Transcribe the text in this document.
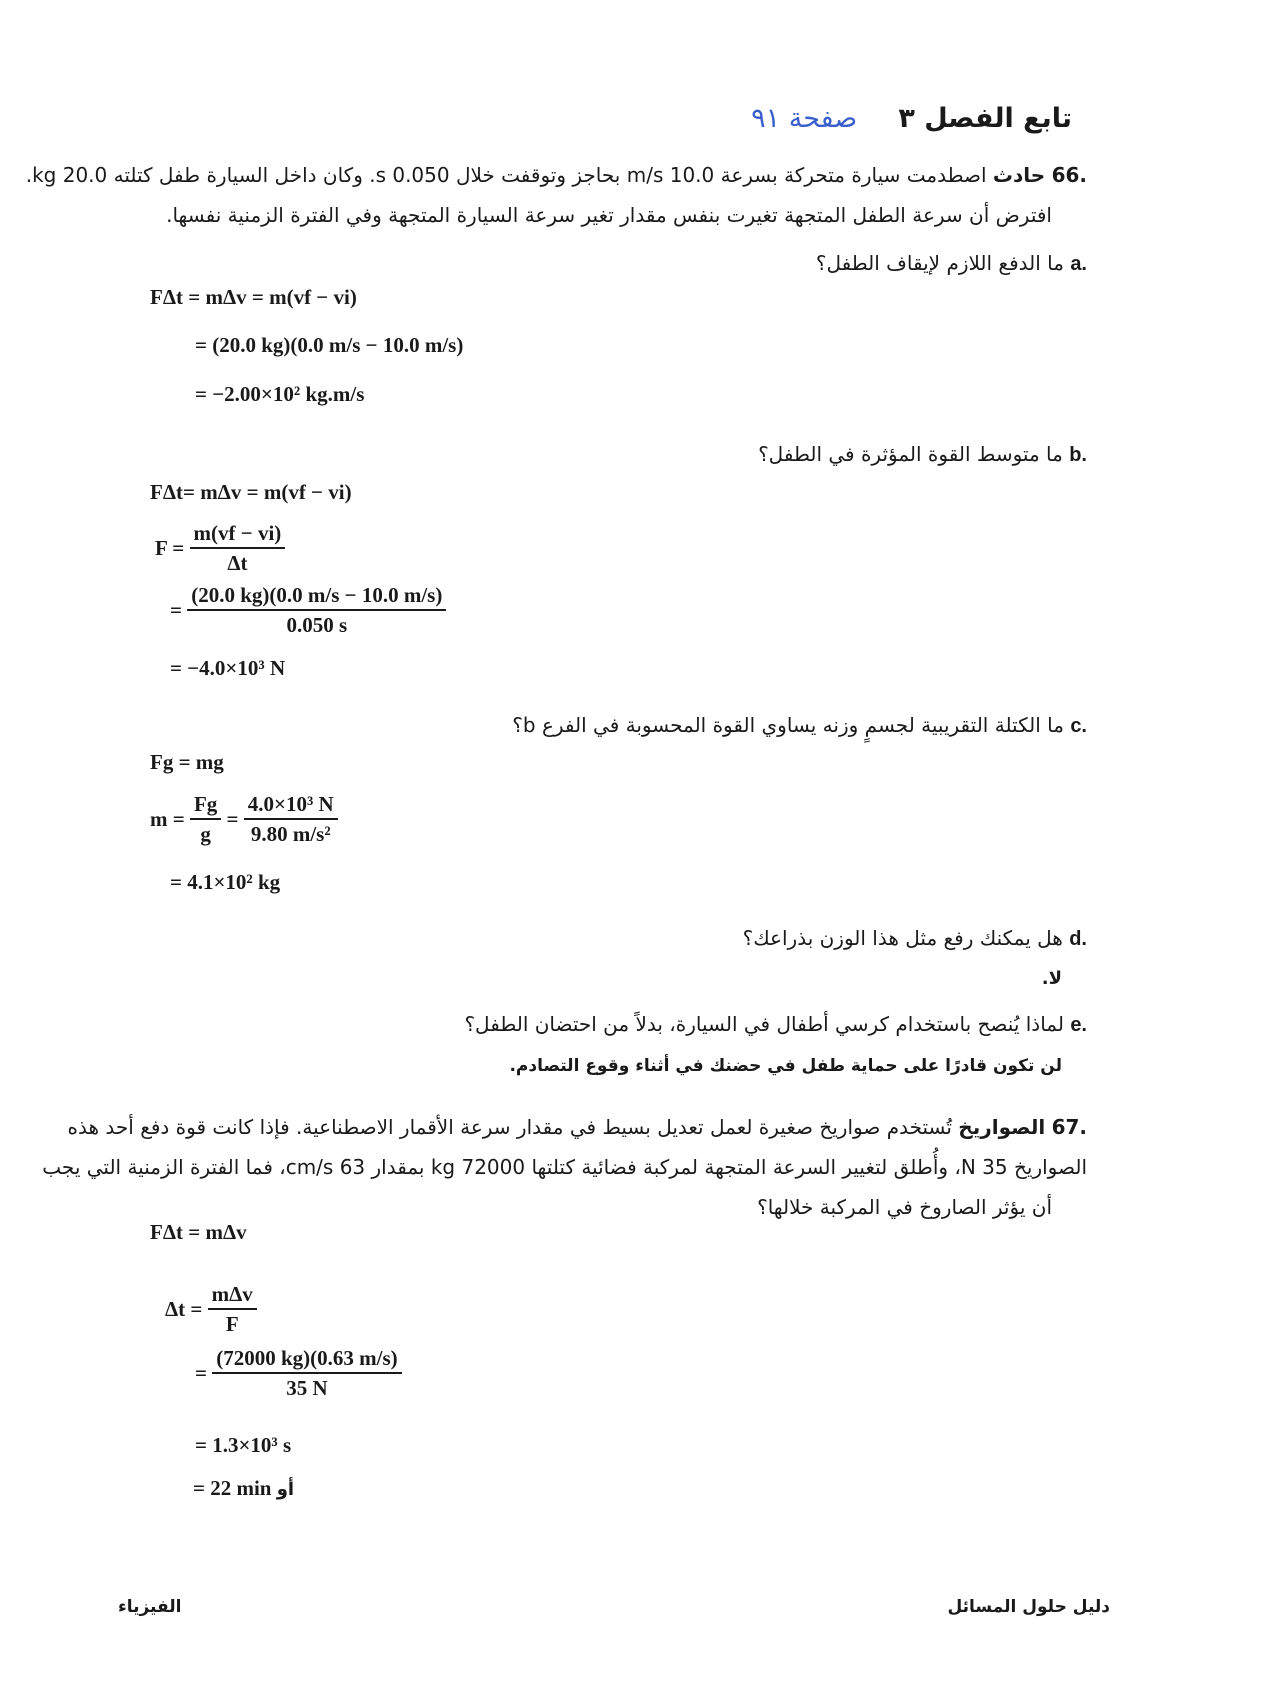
تابع الفصل ٣ صفحة ٩١
66. حادث اصطدمت سيارة متحركة بسرعة 10.0 m/s بحاجز وتوقفت خلال 0.050 s. وكان داخل السيارة طفل كتلته 20.0 kg.
افترض أن سرعة الطفل المتجهة تغيرت بنفس مقدار تغير سرعة السيارة المتجهة وفي الفترة الزمنية نفسها.
a. ما الدفع اللازم لإيقاف الطفل؟
FΔt = mΔv = m(vf − vi)
= (20.0 kg)(0.0 m/s − 10.0 m/s)
= −2.00×10² kg.m/s
b. ما متوسط القوة المؤثرة في الطفل؟
FΔt= mΔv = m(vf − vi)
$F = \frac{m(vf - vi)}{\Delta t}$
= $\frac{(20.0 kg)(0.0 m/s - 10.0 m/s)}{0.050 s}$
= −4.0×10³ N
c. ما الكتلة التقريبية لجسمٍ وزنه يساوي القوة المحسوبة في الفرع b؟
Fg = mg
$m = \frac{Fg}{g} = \frac{\text{4.0×10³ N}}{\text{9.80 m/s²}}$
= 4.1×10² kg
d. هل يمكنك رفع مثل هذا الوزن بذراعك؟
لا.
e. لماذا يُنصح باستخدام كرسي أطفال في السيارة، بدلاً من احتضان الطفل؟
لن تكون قادرًا على حماية طفل في حضنك في أثناء وقوع التصادم.
67. الصواريخ تُستخدم صواريخ صغيرة لعمل تعديل بسيط في مقدار سرعة الأقمار الاصطناعية. فإذا كانت قوة دفع أحد هذه
الصواريخ 35 N، وأُطلق لتغيير السرعة المتجهة لمركبة فضائية كتلتها 72000 kg بمقدار 63 cm/s، فما الفترة الزمنية التي يجب
أن يؤثر الصاروخ في المركبة خلالها؟
FΔt = mΔv
$\Delta t = \frac{\text{mΔv}}{F}$
= $\frac{(72000 kg)(0.63 m/s)}{35 N}$
= 1.3×10³ s
= 22 min أو
الفيزياء	دليل حلول المسائل
